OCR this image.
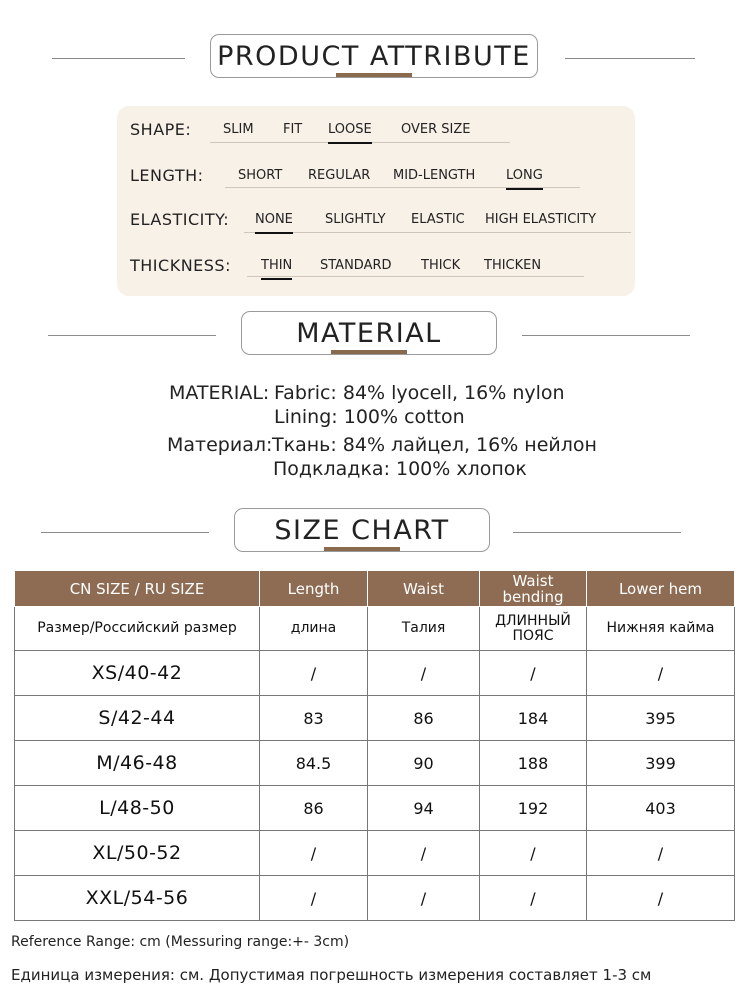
PRODUCT ATTRIBUTE
SHAPE: SLIM FIT LOOSE OVER SIZE
LENGTH:	SHORT REGULAR MID-LENGTH LONG
ELASTICITY: NONE SLIGHTLY ELASTIC HIGH ELASTICITY
THICKNESS: THIN STANDARD THICK THICKEN
MATERIAL
MATERIAL: Fabric: 84% lyocell, 16% nylon
Lining: 100% cotton
Материал: Ткань: 84% лайцел, 16% нейлон
Подкладка: 100% хлопок
SIZE CHART
CN SIZE / RU SIZE	Length	Waist	Waist bending	Lower hem
Размер/Российский размер	длина	Талия	ДЛИННЫЙ ПОЯС	Нижняя кайма
XS/40-42	/	/	/	/
S/42-44	83	86	184	395
M/46-48	84.5	90	188	399
L/48-50	86	94	192	403
XL/50-52	/	/	/	/
XXL/54-56	/	/	/	/
Reference Range: cm (Messuring range:+- 3cm)
Единица измерения: см. Допустимая погрешность измерения составляет 1-3 см
